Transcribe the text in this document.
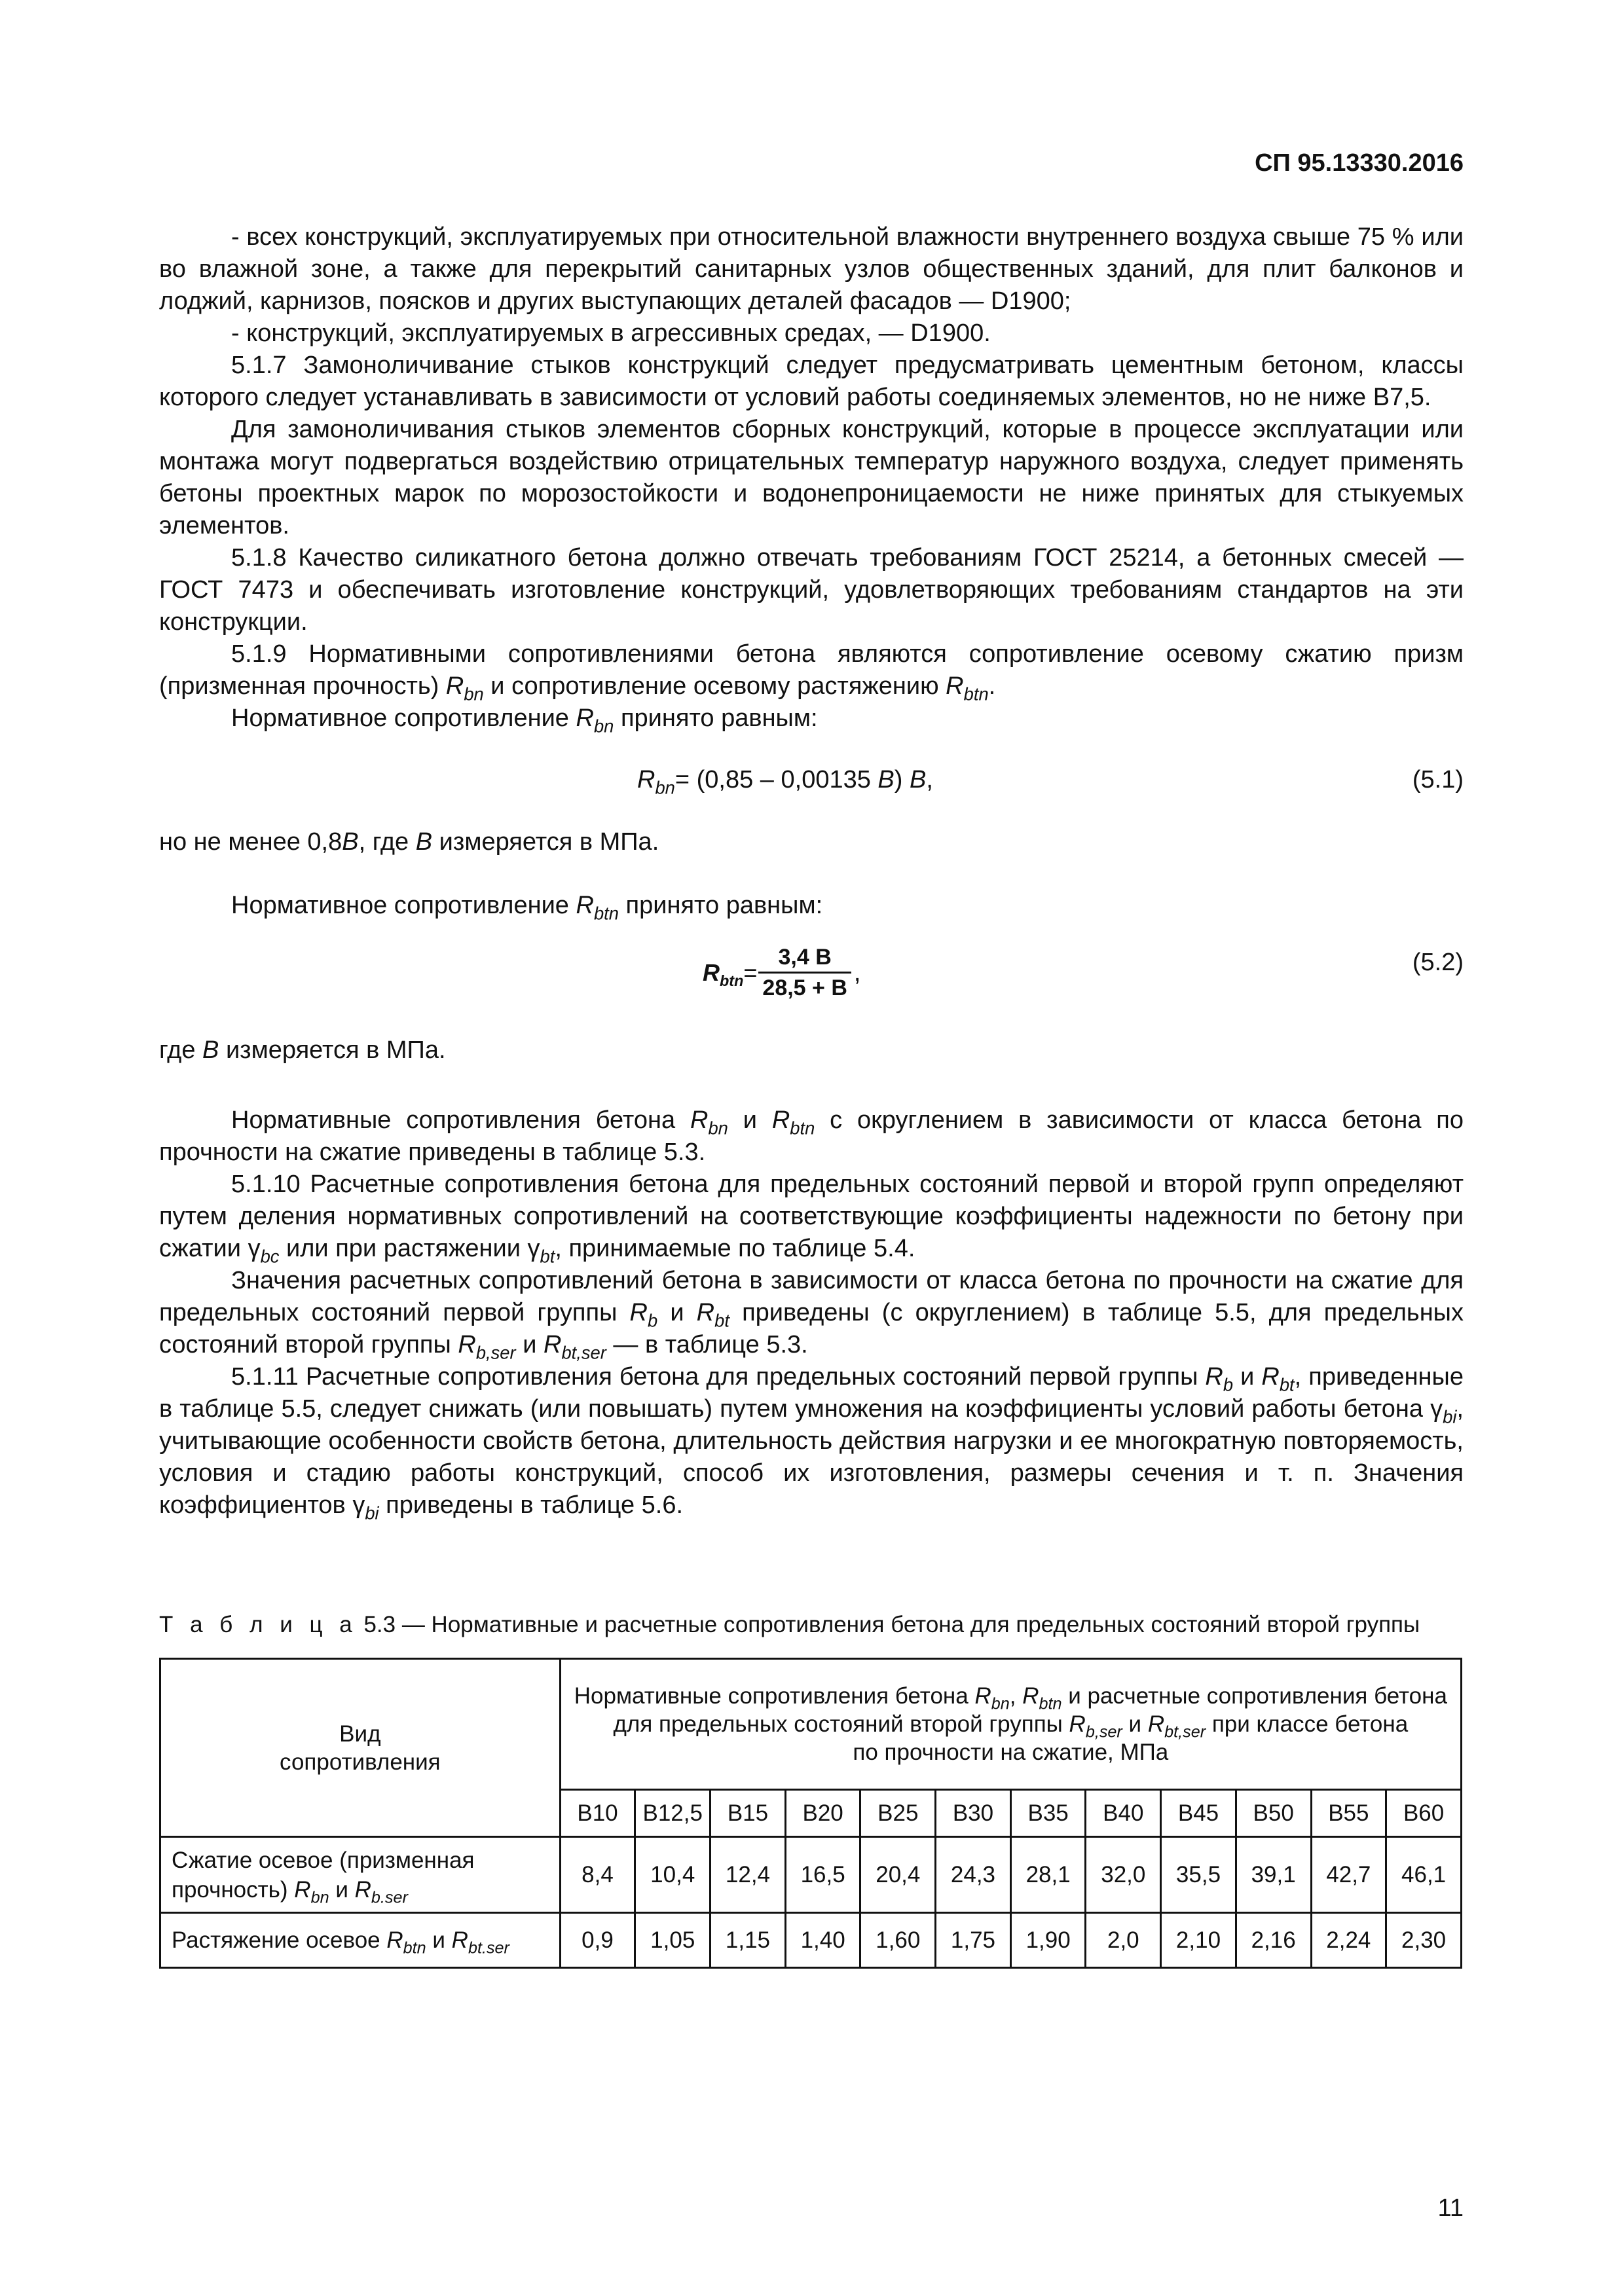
СП 95.13330.2016

- всех конструкций, эксплуатируемых при относительной влажности внутреннего воздуха свыше 75 % или во влажной зоне, а также для перекрытий санитарных узлов общественных зданий, для плит балконов и лоджий, карнизов, поясков и других выступающих деталей фасадов — D1900;

- конструкций, эксплуатируемых в агрессивных средах, — D1900.

5.1.7 Замоноличивание стыков конструкций следует предусматривать цементным бетоном, классы которого следует устанавливать в зависимости от условий работы соединяемых элементов, но не ниже B7,5.

Для замоноличивания стыков элементов сборных конструкций, которые в процессе эксплуатации или монтажа могут подвергаться воздействию отрицательных температур наружного воздуха, следует применять бетоны проектных марок по морозостойкости и водонепроницаемости не ниже принятых для стыкуемых элементов.

5.1.8 Качество силикатного бетона должно отвечать требованиям ГОСТ 25214, а бетонных смесей — ГОСТ 7473 и обеспечивать изготовление конструкций, удовлетворяющих требованиям стандартов на эти конструкции.

5.1.9 Нормативными сопротивлениями бетона являются сопротивление осевому сжатию призм (призменная прочность) $R_{bn}$ и сопротивление осевому растяжению $R_{btn}$.

Нормативное сопротивление $R_{bn}$ принято равным:

$R_{bn}= (0,85 - 0,00135$ B) B,	(5.1)

но не менее 0,8B, где B измеряется в МПа.

Нормативное сопротивление $R_{btn}$ принято равным:

$R_{btn}= \frac{3,4 B}{28,5 + B}$ ,	(5.2)

где B измеряется в МПа.

Нормативные сопротивления бетона $R_{bn}$ и $R_{btn}$ с округлением в зависимости от класса бетона по прочности на сжатие приведены в таблице 5.3.

5.1.10 Расчетные сопротивления бетона для предельных состояний первой и второй групп определяют путем деления нормативных сопротивлений на соответствующие коэффициенты надежности по бетону при сжатии $\gamma_{bc}$ или при растяжении $\gamma_{bt}$, принимаемые по таблице 5.4.

Значения расчетных сопротивлений бетона в зависимости от класса бетона по прочности на сжатие для предельных состояний первой группы $R_b$ и $R_{bt}$ приведены (с округлением) в таблице 5.5, для предельных состояний второй группы $R_{b,ser}$ и $R_{bt,ser}$ — в таблице 5.3.

5.1.11 Расчетные сопротивления бетона для предельных состояний первой группы $R_b$ и $R_{bt}$, приведенные в таблице 5.5, следует снижать (или повышать) путем умножения на коэффициенты условий работы бетона $\gamma_{bi}$, учитывающие особенности свойств бетона, длительность действия нагрузки и ее многократную повторяемость, условия и стадию работы конструкций, способ их изготовления, размеры сечения и т. п. Значения коэффициентов $\gamma_{bi}$ приведены в таблице 5.6.

Т а б л и ц а 5.3 — Нормативные и расчетные сопротивления бетона для предельных состояний второй группы
Вид
сопротивления	Нормативные сопротивления бетона $R_{bn}$, $R_{btn}$ и расчетные сопротивления бетона
для предельных состояний второй группы $R_{b,ser}$ и $R_{bt,ser}$ при классе бетона
по прочности на сжатие, МПа											
	B10	B12,5	B15	B20	B25	B30	B35	B40	B45	B50	B55	B60
Сжатие осевое (призменная
прочность) $R_{bn}$ и $R_{b.ser}$	8,4	10,4	12,4	16,5	20,4	24,3	28,1	32,0	35,5	39,1	42,7	46,1
Растяжение осевое $R_{btn}$ и $R_{bt.ser}$	0,9	1,05	1,15	1,40	1,60	1,75	1,90	2,0	2,10	2,16	2,24	2,30
11
